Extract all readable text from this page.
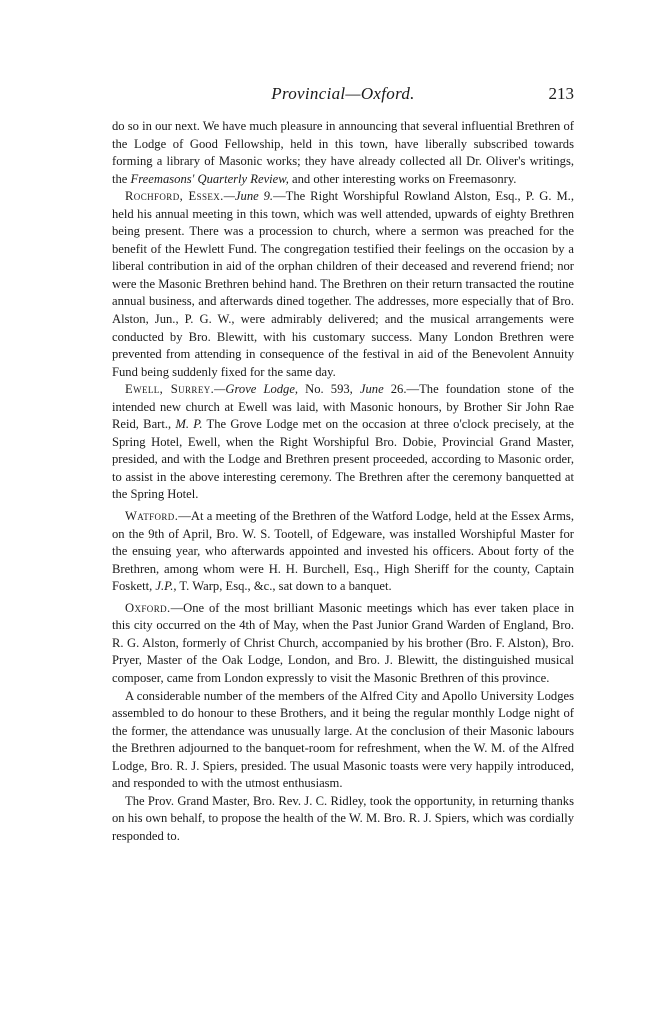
Provincial—Oxford.	213

do so in our next. We have much pleasure in announcing that several influential Brethren of the Lodge of Good Fellowship, held in this town, have liberally subscribed towards forming a library of Masonic works; they have already collected all Dr. Oliver's writings, the Freemasons' Quarterly Review, and other interesting works on Freemasonry.

Rochford, Essex.—June 9.—The Right Worshipful Rowland Alston, Esq., P. G. M., held his annual meeting in this town, which was well attended, upwards of eighty Brethren being present. There was a procession to church, where a sermon was preached for the benefit of the Hewlett Fund. The congregation testified their feelings on the occasion by a liberal contribution in aid of the orphan children of their deceased and reverend friend; nor were the Masonic Brethren behind hand. The Brethren on their return transacted the routine annual business, and afterwards dined together. The addresses, more especially that of Bro. Alston, Jun., P. G. W., were admirably delivered; and the musical arrangements were conducted by Bro. Blewitt, with his customary success. Many London Brethren were prevented from attending in consequence of the festival in aid of the Benevolent Annuity Fund being suddenly fixed for the same day.

Ewell, Surrey.—Grove Lodge, No. 593, June 26.—The foundation stone of the intended new church at Ewell was laid, with Masonic honours, by Brother Sir John Rae Reid, Bart., M. P. The Grove Lodge met on the occasion at three o'clock precisely, at the Spring Hotel, Ewell, when the Right Worshipful Bro. Dobie, Provincial Grand Master, presided, and with the Lodge and Brethren present proceeded, according to Masonic order, to assist in the above interesting ceremony. The Brethren after the ceremony banquetted at the Spring Hotel.

Watford.—At a meeting of the Brethren of the Watford Lodge, held at the Essex Arms, on the 9th of April, Bro. W. S. Tootell, of Edgeware, was installed Worshipful Master for the ensuing year, who afterwards appointed and invested his officers. About forty of the Brethren, among whom were H. H. Burchell, Esq., High Sheriff for the county, Captain Foskett, J.P., T. Warp, Esq., &c., sat down to a banquet.

Oxford.—One of the most brilliant Masonic meetings which has ever taken place in this city occurred on the 4th of May, when the Past Junior Grand Warden of England, Bro. R. G. Alston, formerly of Christ Church, accompanied by his brother (Bro. F. Alston), Bro. Pryer, Master of the Oak Lodge, London, and Bro. J. Blewitt, the distinguished musical composer, came from London expressly to visit the Masonic Brethren of this province.

A considerable number of the members of the Alfred City and Apollo University Lodges assembled to do honour to these Brothers, and it being the regular monthly Lodge night of the former, the attendance was unusually large. At the conclusion of their Masonic labours the Brethren adjourned to the banquet-room for refreshment, when the W. M. of the Alfred Lodge, Bro. R. J. Spiers, presided. The usual Masonic toasts were very happily introduced, and responded to with the utmost enthusiasm.

The Prov. Grand Master, Bro. Rev. J. C. Ridley, took the opportunity, in returning thanks on his own behalf, to propose the health of the W. M. Bro. R. J. Spiers, which was cordially responded to.
